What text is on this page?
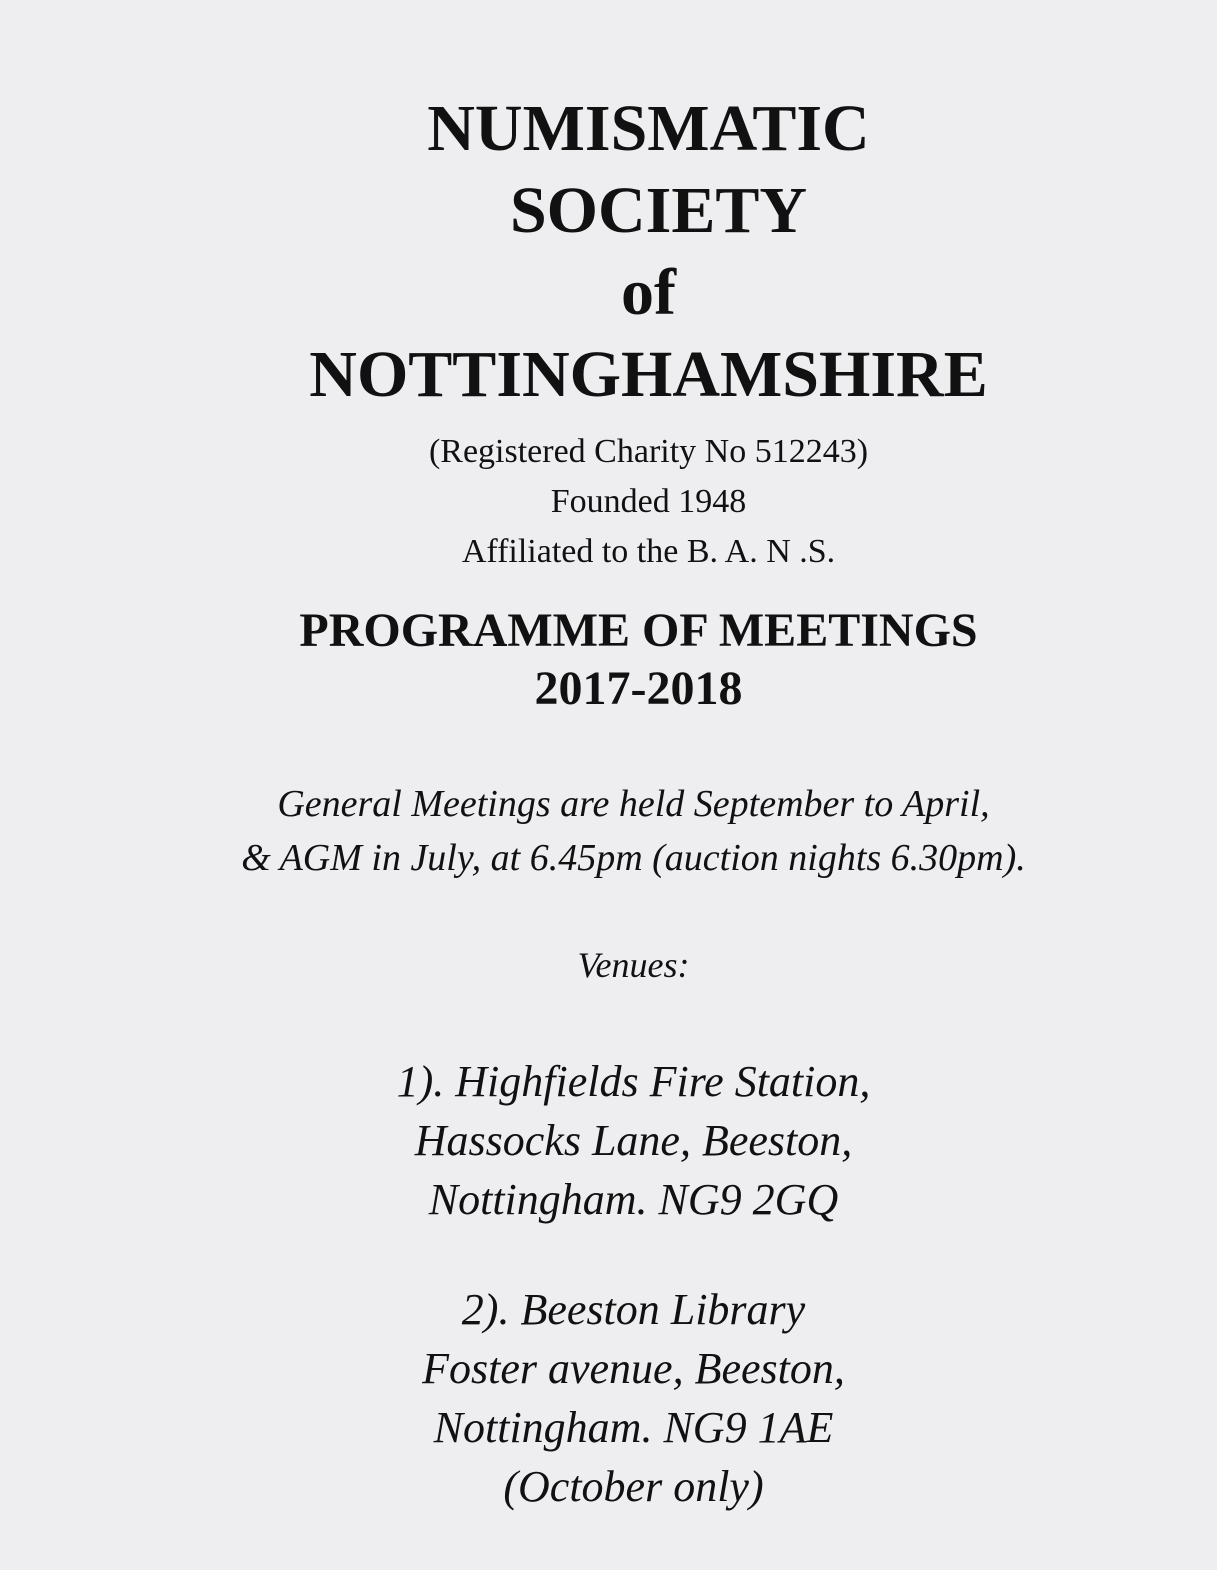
NUMISMATIC
SOCIETY
of
NOTTINGHAMSHIRE
(Registered Charity No 512243)
Founded 1948
Affiliated to the B. A. N .S.
PROGRAMME OF MEETINGS
2017-2018
General Meetings are held September to April,
& AGM in July, at 6.45pm (auction nights 6.30pm).
Venues:
1). Highfields Fire Station,
Hassocks Lane, Beeston,
Nottingham. NG9 2GQ
2). Beeston Library
Foster avenue, Beeston,
Nottingham. NG9 1AE
(October only)
